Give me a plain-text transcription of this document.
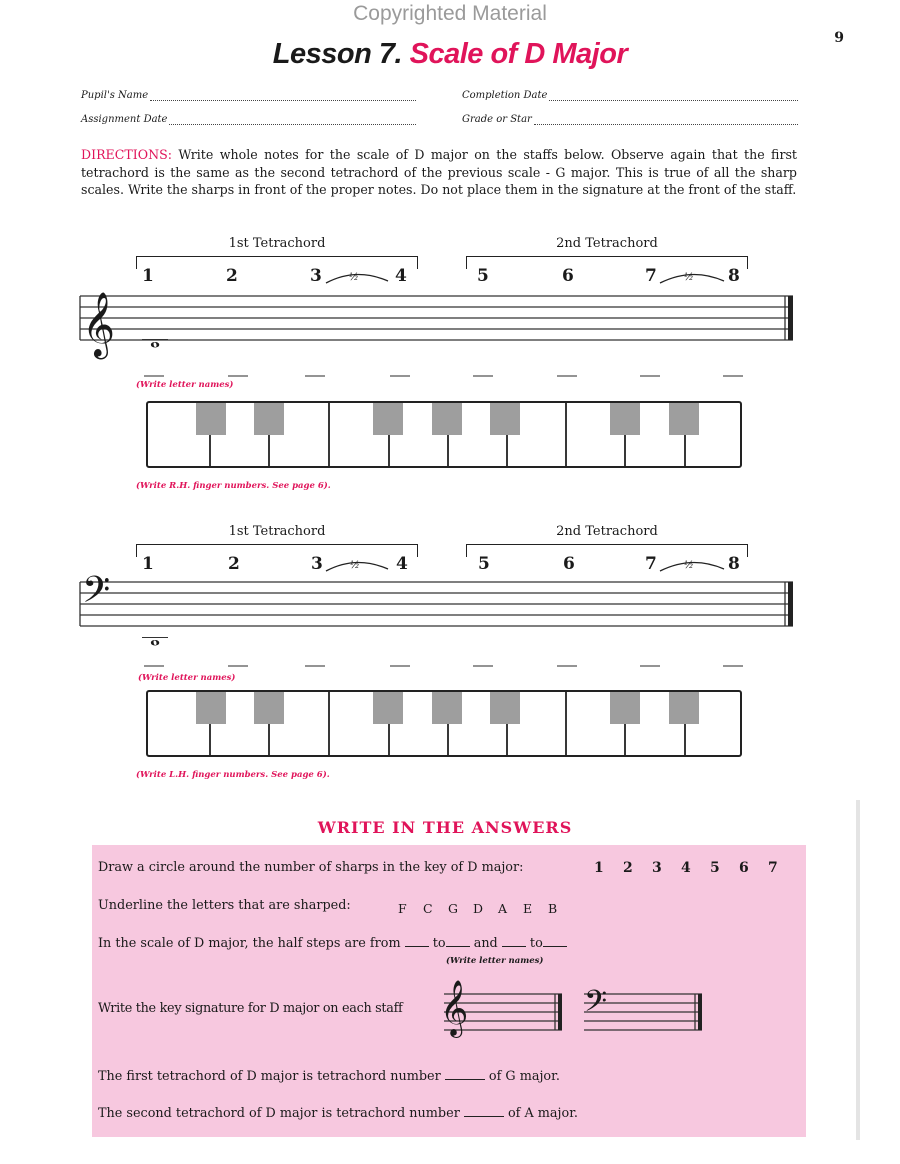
Copyrighted Material
9
Lesson 7. Scale of D Major
Pupil's Name
Assignment Date
Completion Date
Grade or Star
DIRECTIONS: Write whole notes for the scale of D major on the staffs below. Observe again that the first tetrachord is the same as the second tetrachord of the previous scale - G major. This is true of all the sharp scales. Write the sharps in front of the proper notes. Do not place them in the signature at the front of the staff.
1st Tetrachord	2nd Tetrachord
1	2	3	4	5	6	7	8
½	½
𝄞	𝅝
(Write letter names)
(Write R.H. finger numbers. See page 6).
1st Tetrachord	2nd Tetrachord
1	2	3	4	5	6	7	8
½	½
𝄢
𝅝
(Write letter names)
(Write L.H. finger numbers. See page 6).
WRITE IN THE ANSWERS
Draw a circle around the number of sharps in the key of D major:	1 2 3 4 5 6 7
Underline the letters that are sharped:	F C G D A E B
In the scale of D major, the half steps are from	to and	to
(Write letter names)
Write the key signature for D major on each staff 𝄞	𝄢
The first tetrachord of D major is tetrachord number	of G major.
The second tetrachord of D major is tetrachord number	of A major.
